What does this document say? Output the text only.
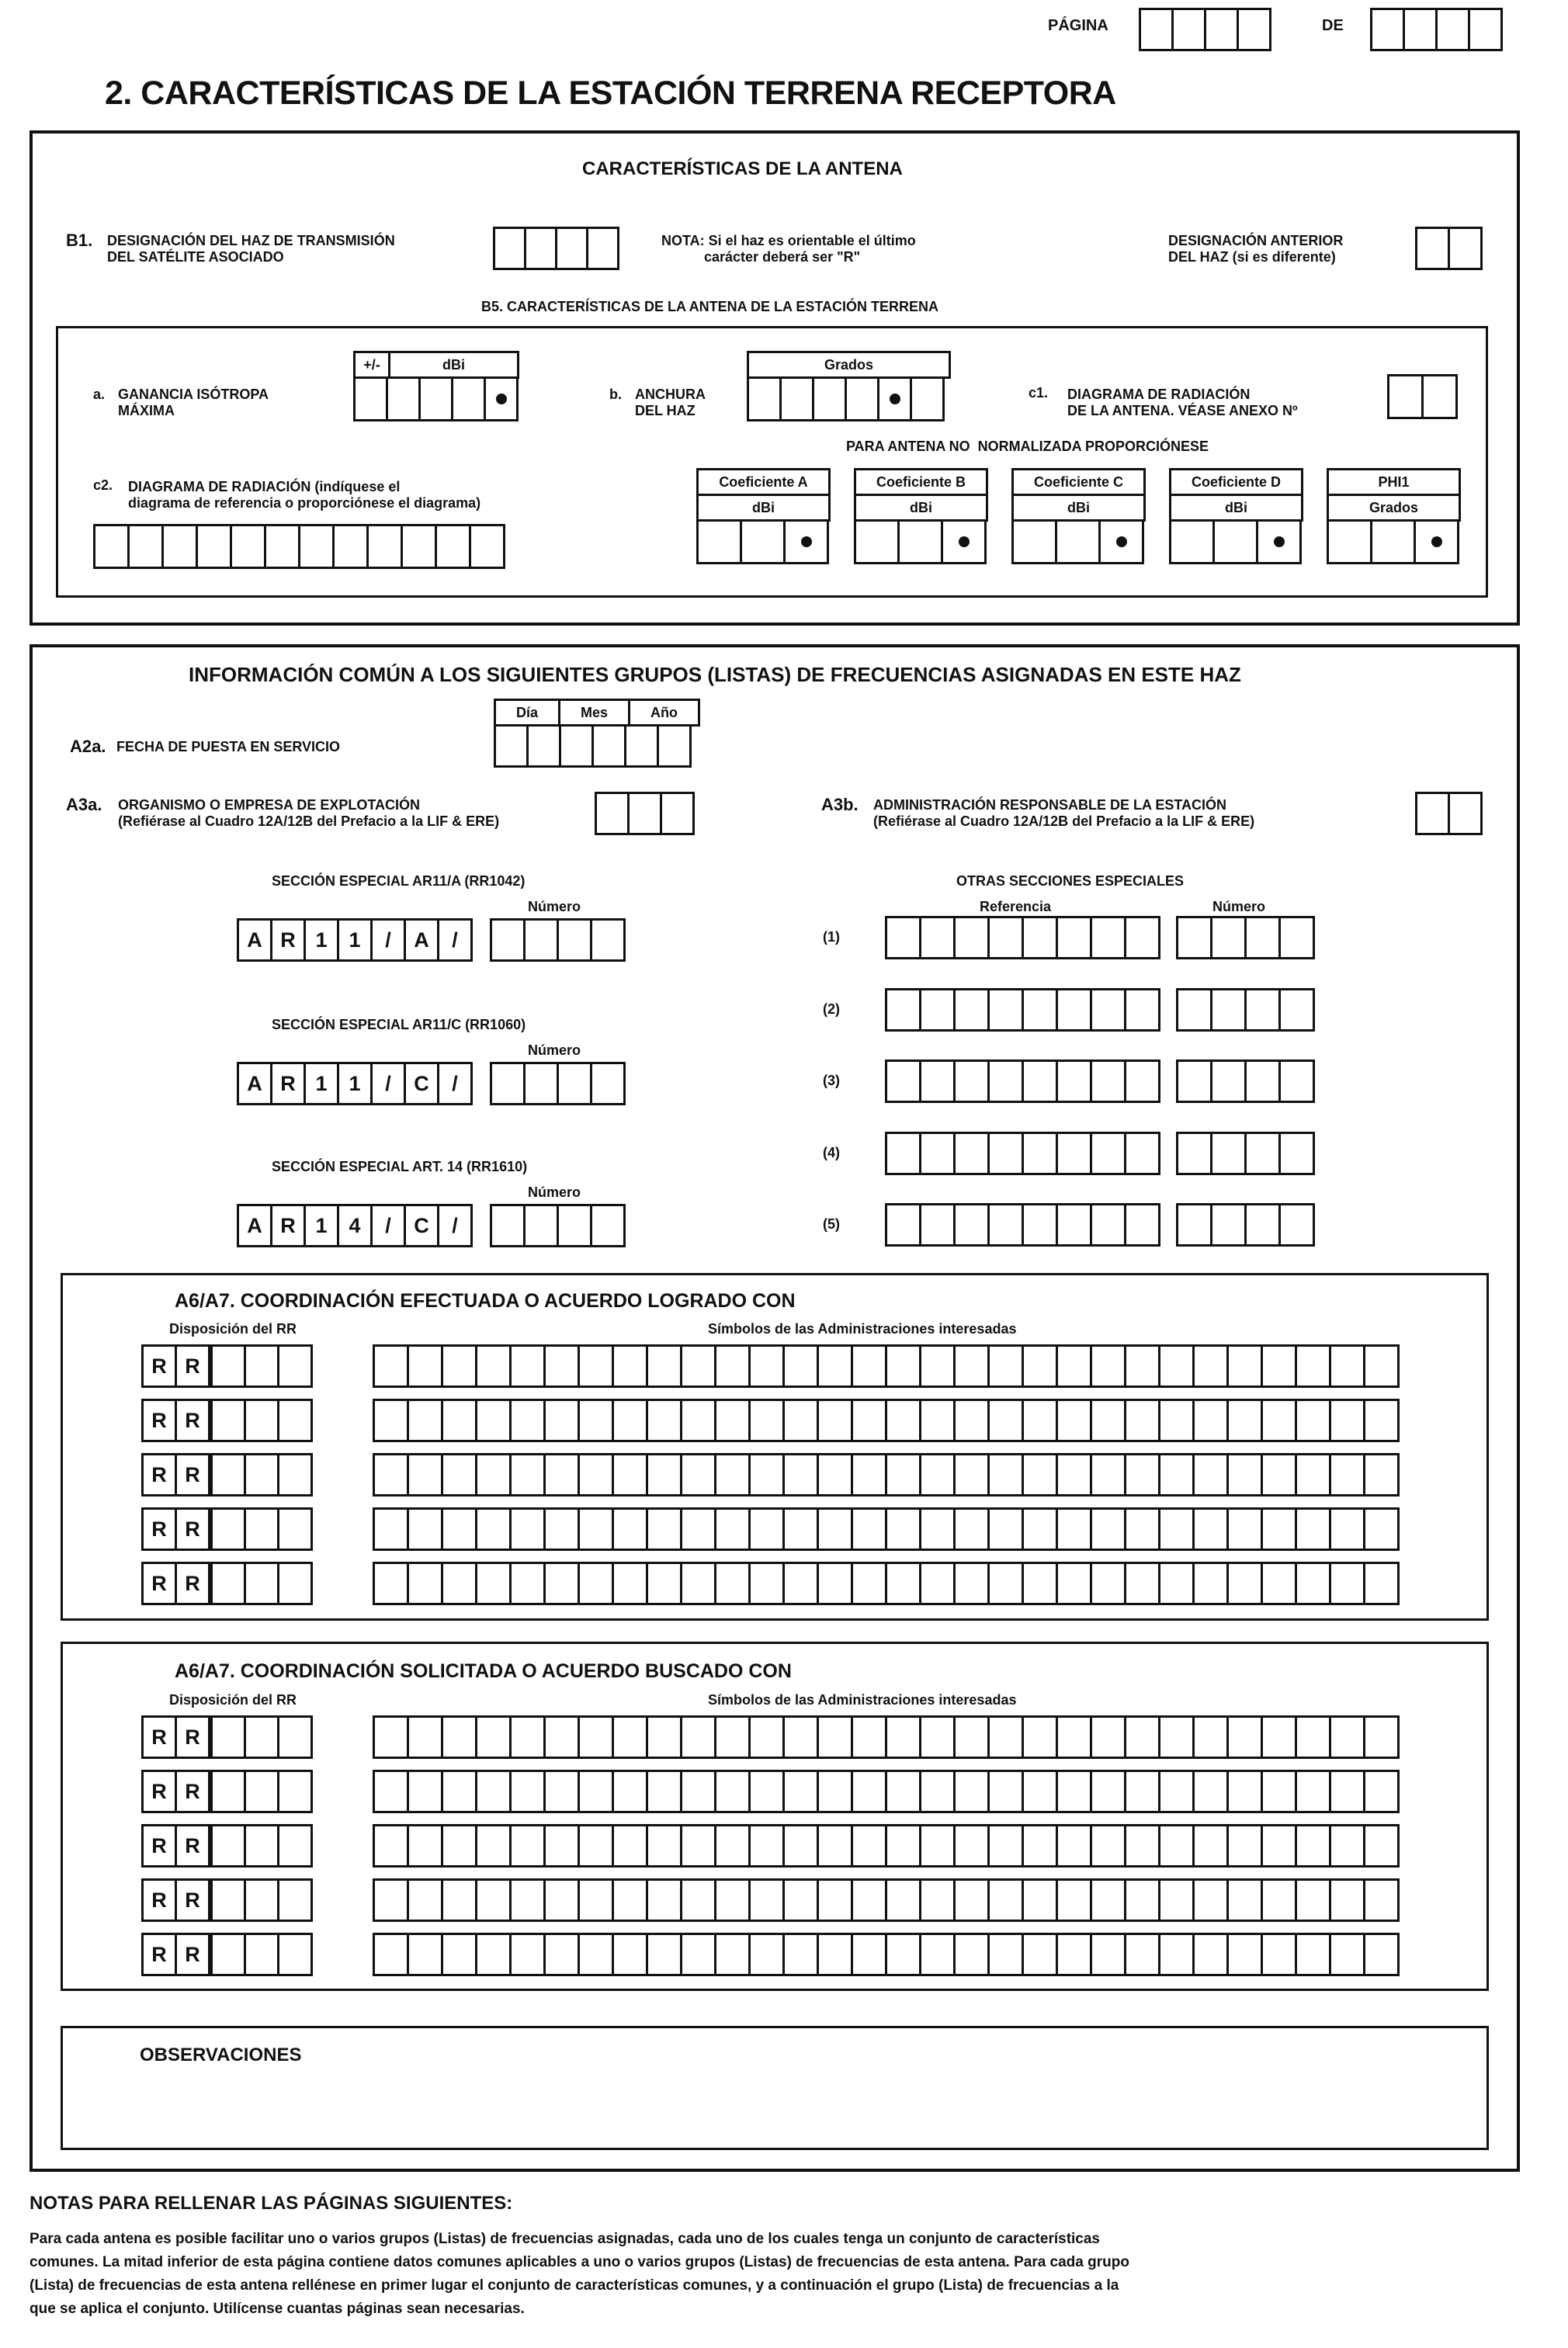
PÁGINA	DE
2. CARACTERÍSTICAS DE LA ESTACIÓN TERRENA RECEPTORA
CARACTERÍSTICAS DE LA ANTENA
B1. DESIGNACIÓN DEL HAZ DE TRANSMISIÓN
DEL SATÉLITE ASOCIADO
NOTA: Si el haz es orientable el último
carácter deberá ser "R"
DESIGNACIÓN ANTERIOR
DEL HAZ (si es diferente)
B5. CARACTERÍSTICAS DE LA ANTENA DE LA ESTACIÓN TERRENA
a. GANANCIA ISÓTROPA
MÁXIMA
+/-	dBi
b. ANCHURA
DEL HAZ
Grados
c1. DIAGRAMA DE RADIACIÓN
DE LA ANTENA. VÉASE ANEXO Nº
PARA ANTENA NO  NORMALIZADA PROPORCIÓNESE
c2. DIAGRAMA DE RADIACIÓN (indíquese el
diagrama de referencia o proporciónese el diagrama)
Coeficiente A
dBi
Coeficiente B
dBi
Coeficiente C
dBi
Coeficiente D
dBi
PHI1
Grados
INFORMACIÓN COMÚN A LOS SIGUIENTES GRUPOS (LISTAS) DE FRECUENCIAS ASIGNADAS EN ESTE HAZ
Día	Mes	Año
A2a. FECHA DE PUESTA EN SERVICIO
A3a. ORGANISMO O EMPRESA DE EXPLOTACIÓN
(Refiérase al Cuadro 12A/12B del Prefacio a la LIF & ERE)
A3b. ADMINISTRACIÓN RESPONSABLE DE LA ESTACIÓN
(Refiérase al Cuadro 12A/12B del Prefacio a la LIF & ERE)
SECCIÓN ESPECIAL AR11/A (RR1042)
Número
A R 1	1	/	A	/
SECCIÓN ESPECIAL AR11/C (RR1060)
Número
A R 1	1	/	C	/
SECCIÓN ESPECIAL ART. 14 (RR1610)
Número
A R 1	4	/	C	/
OTRAS SECCIONES ESPECIALES
Referencia	Número
(1)
(2)
(3)
(4)
(5)
A6/A7. COORDINACIÓN EFECTUADA O ACUERDO LOGRADO CON
Disposición del RR	Símbolos de las Administraciones interesadas
R R
R R
R R
R R
R R
A6/A7. COORDINACIÓN SOLICITADA O ACUERDO BUSCADO CON
Disposición del RR	Símbolos de las Administraciones interesadas
R R
R R
R R
R R
R R
OBSERVACIONES
NOTAS PARA RELLENAR LAS PÁGINAS SIGUIENTES:

Para cada antena es posible facilitar uno o varios grupos (Listas) de frecuencias asignadas, cada uno de los cuales tenga un conjunto de características

comunes. La mitad inferior de esta página contiene datos comunes aplicables a uno o varios grupos (Listas) de frecuencias de esta antena. Para cada grupo

(Lista) de frecuencias de esta antena rellénese en primer lugar el conjunto de características comunes, y a continuación el grupo (Lista) de frecuencias a la

que se aplica el conjunto. Utilícense cuantas páginas sean necesarias.
